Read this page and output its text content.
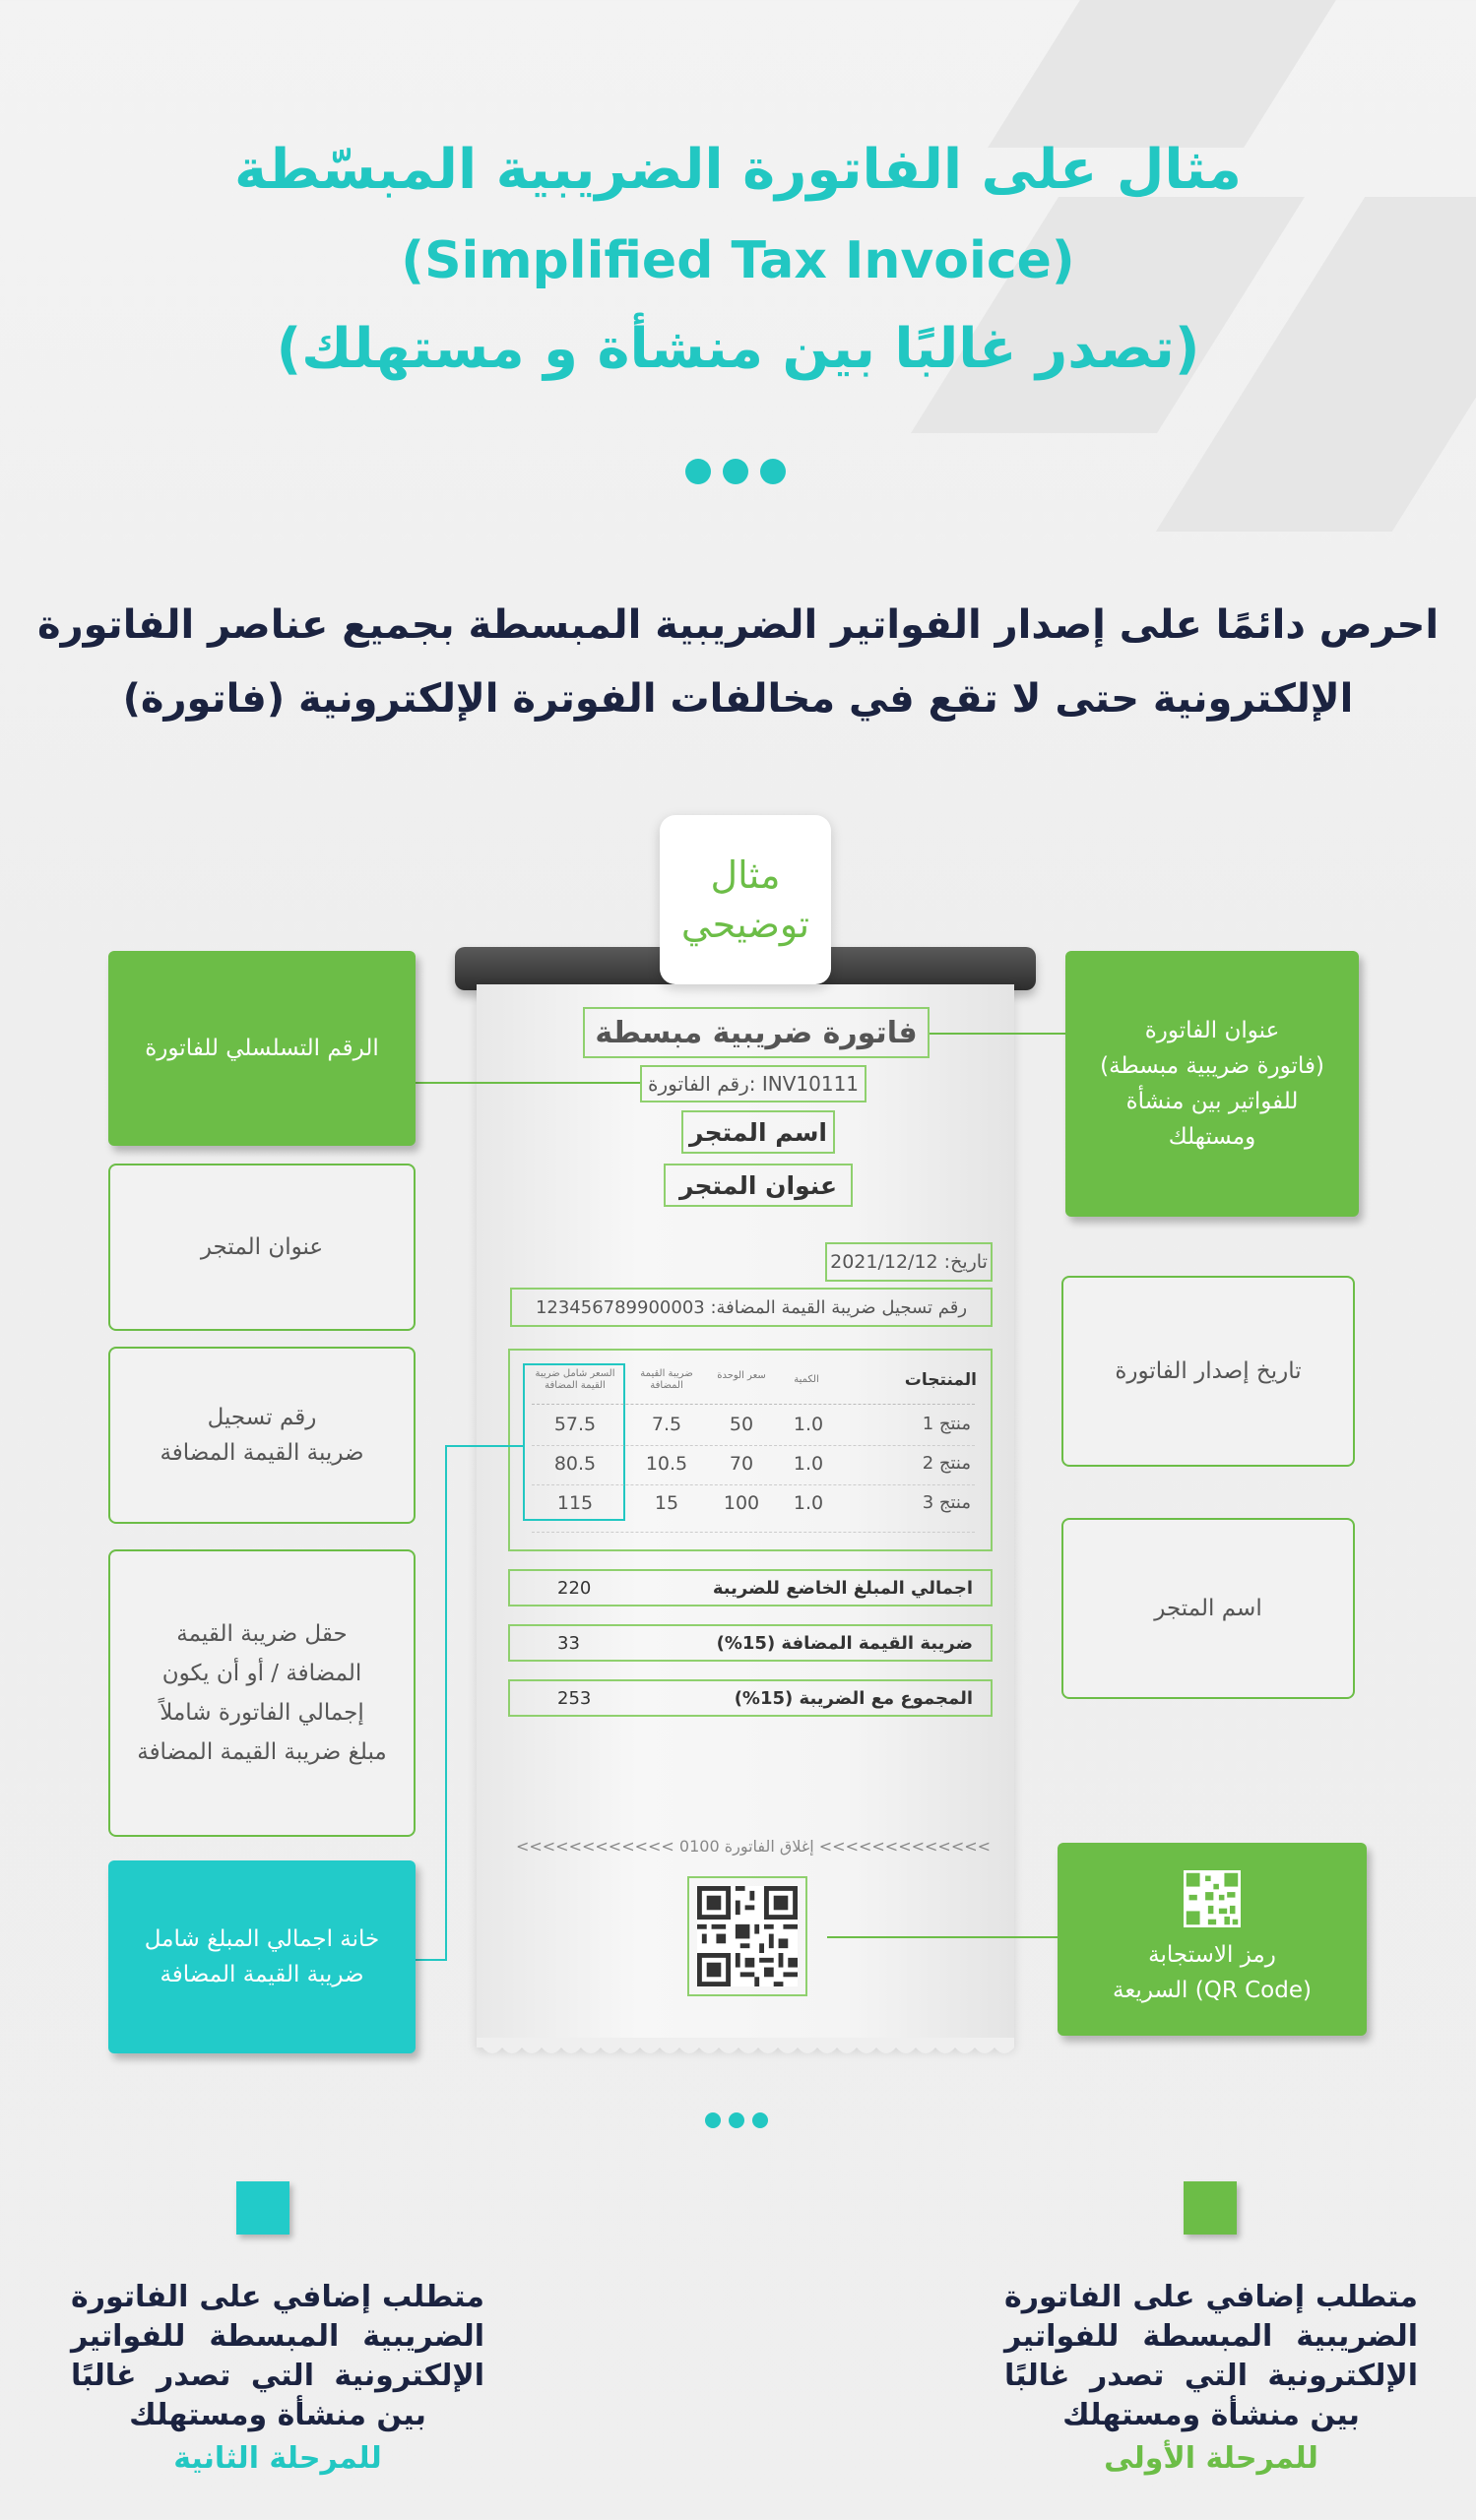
مثال على الفاتورة الضريبية المبسّطة
(Simplified Tax Invoice)
(تصدر غالبًا بين منشأة و مستهلك)
احرص دائمًا على إصدار الفواتير الضريبية المبسطة بجميع عناصر الفاتورة
الإلكترونية حتى لا تقع في مخالفات الفوترة الإلكترونية (فاتورة)
مثال
توضيحي
فاتورة ضريبية مبسطة
رقم الفاتورة: INV10111
اسم المتجر
عنوان المتجر
تاريخ: 2021/12/12
رقم تسجيل ضريبة القيمة المضافة: 123456789900003
المنتجات
الكمية
سعر الوحدة
ضريبة القيمة المضافة
السعر شامل ضريبة القيمة المضافة
منتج 1
1.0
50
7.5
57.5
منتج 2
1.0
70
10.5
80.5
منتج 3
1.0
100
15
115
اجمالي المبلغ الخاضع للضريبة
220
ضريبة القيمة المضافة (15%)
33
المجموع مع الضريبة (15%)
253
<<<<<<<<<<<< إغلاق الفاتورة 0100 <<<<<<<<<<<<<
الرقم التسلسلي للفاتورة
عنوان المتجر
رقم تسجيل
ضريبة القيمة المضافة
حقل ضريبة القيمة
المضافة / أو أن يكون
إجمالي الفاتورة شاملاً
مبلغ ضريبة القيمة المضافة
خانة اجمالي المبلغ شامل
ضريبة القيمة المضافة
عنوان الفاتورة
(فاتورة ضريبية مبسطة)
للفواتير بين منشأة
ومستهلك
تاريخ إصدار الفاتورة
اسم المتجر
رمز الاستجابة
السريعة (QR Code)
متطلب إضافي على الفاتورة
الضريبية المبسطة للفواتير
الإلكترونية التي تصدر غالبًا
بين منشأة ومستهلك
للمرحلة الأولى
متطلب إضافي على الفاتورة
الضريبية المبسطة للفواتير
الإلكترونية التي تصدر غالبًا
بين منشأة ومستهلك
للمرحلة الثانية
